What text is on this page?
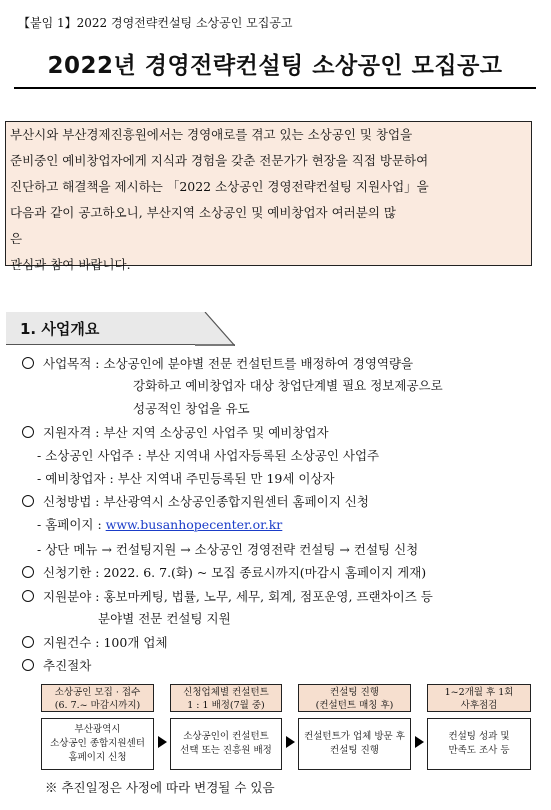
【붙임 1】2022 경영전략컨설팅 소상공인 모집공고
2022년 경영전략컨설팅 소상공인 모집공고

부산시와 부산경제진흥원에서는 경영애로를 겪고 있는 소상공인 및 창업을

준비중인 예비창업자에게 지식과 경험을 갖춘 전문가가 현장을 직접 방문하여

진단하고 해결책을 제시하는 「2022 소상공인 경영전략컨설팅 지원사업」을

다음과 같이 공고하오니, 부산지역 소상공인 및 예비창업자 여러분의 많

은

관심과 참여 바랍니다.

1. 사업개요
사업목적 : 소상공인에 분야별 전문 컨설턴트를 배정하여 경영역량을
강화하고 예비창업자 대상 창업단계별 필요 정보제공으로
성공적인 창업을 유도
지원자격 : 부산 지역 소상공인 사업주 및 예비창업자
- 소상공인 사업주 : 부산 지역내 사업자등록된 소상공인 사업주
- 예비창업자 : 부산 지역내 주민등록된 만 19세 이상자
신청방법 : 부산광역시 소상공인종합지원센터 홈페이지 신청
- 홈페이지 : www.busanhopecenter.or.kr
- 상단 메뉴 → 컨설팅지원 → 소상공인 경영전략 컨설팅 → 컨설팅 신청
신청기한 : 2022. 6. 7.(화) ~ 모집 종료시까지(마감시 홈페이지 게재)
지원분야 : 홍보마케팅, 법률, 노무, 세무, 회계, 점포운영, 프랜차이즈 등
분야별 전문 컨설팅 지원
지원건수 : 100개 업체
추진절차
소상공인 모집 · 접수
(6. 7.~ 마감시까지)
신청업체별 컨설턴트
1 : 1 배정(7월 중)
컨설팅 진행
(컨설턴트 매칭 후)
1~2개월 후 1회
사후점검
부산광역시
소상공인 종합지원센터
홈페이지 신청
소상공인이 컨설턴트
선택 또는 진흥원 배정
컨설턴트가 업체 방문 후
컨설팅 진행
컨설팅 성과 및
만족도 조사 등
※ 추진일정은 사정에 따라 변경될 수 있음
